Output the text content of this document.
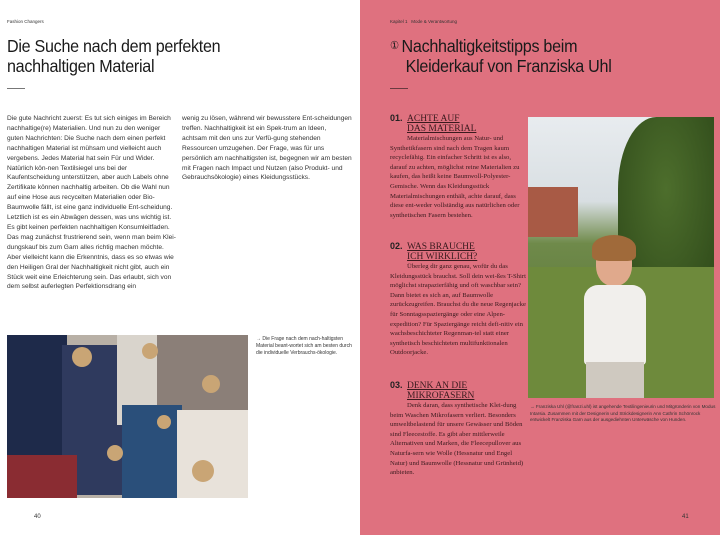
Fashion Changers
Die Suche nach dem perfekten
nachhaltigen Material
Die gute Nachricht zuerst: Es tut sich einiges im Bereich nachhaltige(re) Materialien. Und nun zu den weniger guten Nachrichten: Die Suche nach dem einen perfekt nachhaltigen Material ist mühsam und vielleicht auch vergebens. Jedes Material hat sein Für und Wider. Natürlich kön-nen Textilsiegel uns bei der Kaufentscheidung unterstützen, aber auch Labels ohne Zertifikate können nachhaltig arbeiten. Ob die Wahl nun auf eine Hose aus recycelten Materialien oder Bio-Baumwolle fällt, ist eine ganz individuelle Ent-scheidung. Letztlich ist es ein Abwägen dessen, was uns wichtig ist. Es gibt keinen perfekten nachhaltigen Konsumleitfaden. Das mag zunächst frustrierend sein, wenn man beim Klei-dungskauf bis zum Garn alles richtig machen möchte. Aber vielleicht kann die Erkenntnis, dass es so etwas wie den Heiligen Gral der Nachhaltigkeit nicht gibt, auch ein Stück weit eine Erleichterung sein. Das erlaubt, sich von dem selbst auferlegten Perfektionsdrang ein
wenig zu lösen, während wir bewusstere Ent-scheidungen treffen. Nachhaltigkeit ist ein Spek-trum an Ideen, achtsam mit den uns zur Verfü-gung stehenden Ressourcen umzugehen. Der Frage, was für uns persönlich am nachhaltigsten ist, begegnen wir am besten mit Fragen nach Impact und Nutzen (also Produkt- und Gebrauchsökologie) eines Kleidungsstücks.
→ Die Frage nach dem nach-haltigsten Material beant-wortet sich am besten durch die individuelle Verbrauchs-ökologie.
40
Kapitel 1 Mode & Verantwortung
① Nachhaltigkeitstipps beim
Kleiderkauf von Franziska Uhl
01. ACHTE AUF
DAS MATERIAL
Materialmischungen aus Natur- und Synthetikfasern sind nach dem Tragen kaum recyclefähig. Ein einfacher Schritt ist es also, darauf zu achten, möglichst reine Materialien zu kaufen, das heißt keine Baumwoll-Polyester-Gemische. Wenn das Kleidungsstück Materialmischungen enthält, achte darauf, dass diese ent-weder vollständig aus natürlichen oder synthetischen Fasern bestehen.
02. WAS BRAUCHE
ICH WIRKLICH?
Überleg dir ganz genau, wofür du das Kleidungsstück brauchst. Soll dein wei-ßes T-Shirt möglichst strapazierfähig und oft waschbar sein? Dann bietet es sich an, auf Baumwolle zurückzugreifen. Brauchst du die neue Regenjacke für Sonntagsspaziergänge oder eine Alpen-expedition? Für Spaziergänge reicht defi-nitiv ein wachsbeschichteter Regenman-tel statt einer synthetisch beschichteten multifunktionalen Outdoorjacke.
03. DENK AN DIE
MIKROFASERN
Denk daran, dass synthetische Klei-dung beim Waschen Mikrofasern verliert. Besonders umweltbelastend für unsere Gewässer und Böden sind Fleecestoffe. Es gibt aber mittlerweile Alternativen und Marken, die Fleecepullover aus Naturfa-sern wie Wolle (Hessnatur und Engel Natur) und Baumwolle (Hessnatur und Grünheid) anbieten.
→ Franziska Uhl (@franzi.uhl) ist angehende Textilingenieurin und Mitgründerin von Modus Intarsia. Zusammen mit der Designerin und Strickdesignerin Ann Cathrin Schönrock entwickelt Franziska Garn aus der ausgediehnten Unterwäsche von Hunden.
41
